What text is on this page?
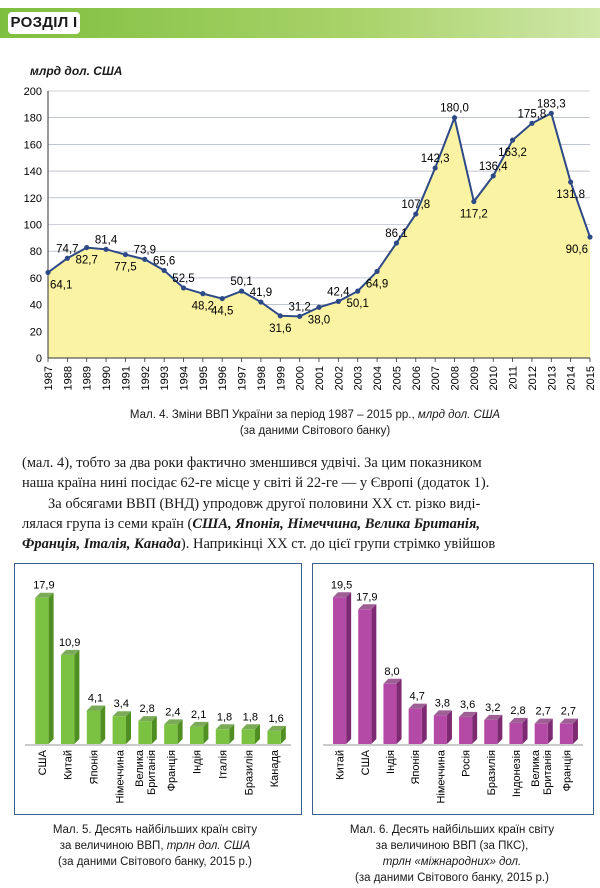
РОЗДІЛ І
млрд дол. США
0
20
40
60
80
100
120
140
160
180
200
64,1
74,7
82,7
81,4
77,5
73,9
65,6
52,5
48,2
44,5
50,1
41,9
31,6
31,2
38,0
42,4
50,1
64,9
86,1
107,8
142,3
180,0
117,2
136,4
163,2
175,8
183,3
131,8
90,6
1987 1988 1989 1990 1991 1992 1993 1994 1995 1996 1997 1998 1999 2000 2001 2002 2003 2004 2005 2006 2007 2008 2009 2010 2011 2012 2013 2014 2015
Мал. 4. Зміни ВВП України за період 1987 – 2015 рр., млрд дол. США
(за даними Світового банку)
(мал. 4), тобто за два роки фактично зменшився удвічі. За цим показником
наша країна нині посідає 62-ге місце у світі й 22-ге — у Європі (додаток 1).
За обсягами ВВП (ВНД) упродовж другої половини XX ст. різко виді-
лялася група із семи країн (США, Японія, Німеччина, Велика Британія,
Франція, Італія, Канада). Наприкінці XX ст. до цієї групи стрімко увійшов
17,9
США
10,9
Китай
4,1
Японія
3,4
Німеччина
2,8
Велика Британія
2,4
Франція
2,1
Індія
1,8
Італія
1,8
Бразилія
1,6
Канада
19,5
Китай
17,9
США
8,0
Індія
4,7
Японія
3,8
Німеччина
3,6
Росія
3,2
Бразилія
2,8
Індонезія
2,7
Велика Британія
2,7
Франція
Мал. 5. Десять найбільших країн світу
за величиною ВВП, трлн дол. США
(за даними Світового банку, 2015 р.)
Мал. 6. Десять найбільших країн світу
за величиною ВВП (за ПКС),
трлн «міжнародних» дол.
(за даними Світового банку, 2015 р.)
